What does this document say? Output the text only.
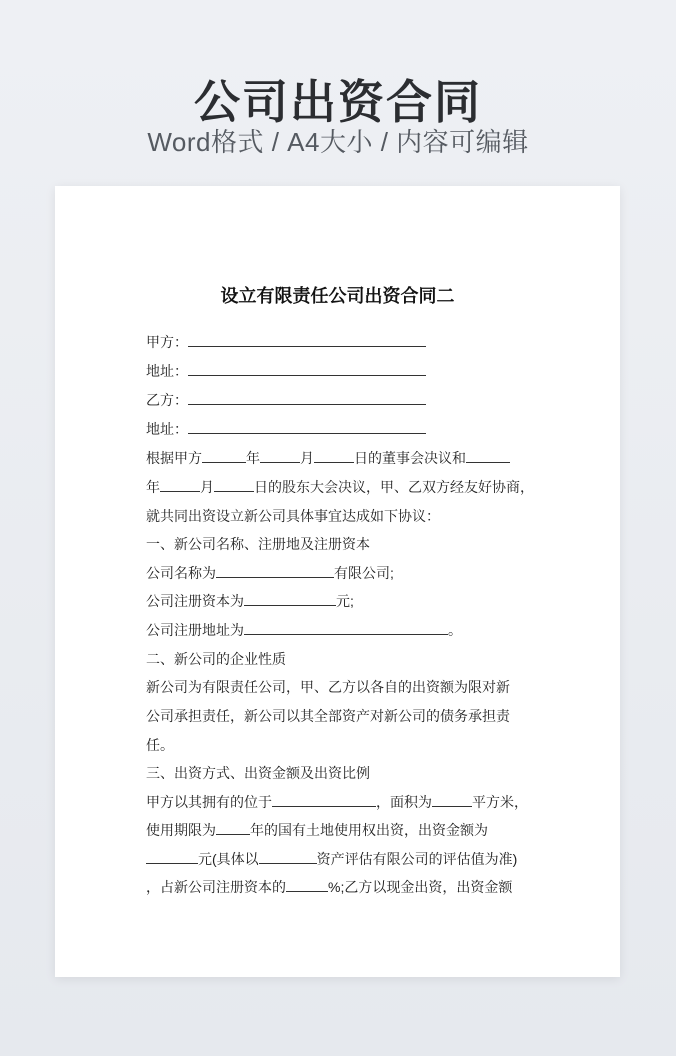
公司出资合同
Word格式 / A4大小 / 内容可编辑
设立有限责任公司出资合同二
甲方：
地址：
乙方：
地址：
根据甲方	年	月	日的董事会决议和
年	月	日的股东大会决议，甲、乙双方经友好协商，
就共同出资设立新公司具体事宜达成如下协议：
一、新公司名称、注册地及注册资本
公司名称为	有限公司;
公司注册资本为	元;
公司注册地址为	。
二、新公司的企业性质
新公司为有限责任公司，甲、乙方以各自的出资额为限对新
公司承担责任，新公司以其全部资产对新公司的债务承担责
任。
三、出资方式、出资金额及出资比例
甲方以其拥有的位于	，面积为	平方米，
使用期限为 年的国有土地使用权出资，出资金额为
元(具体以	资产评估有限公司的评估值为准)
，占新公司注册资本的	%;乙方以现金出资，出资金额
